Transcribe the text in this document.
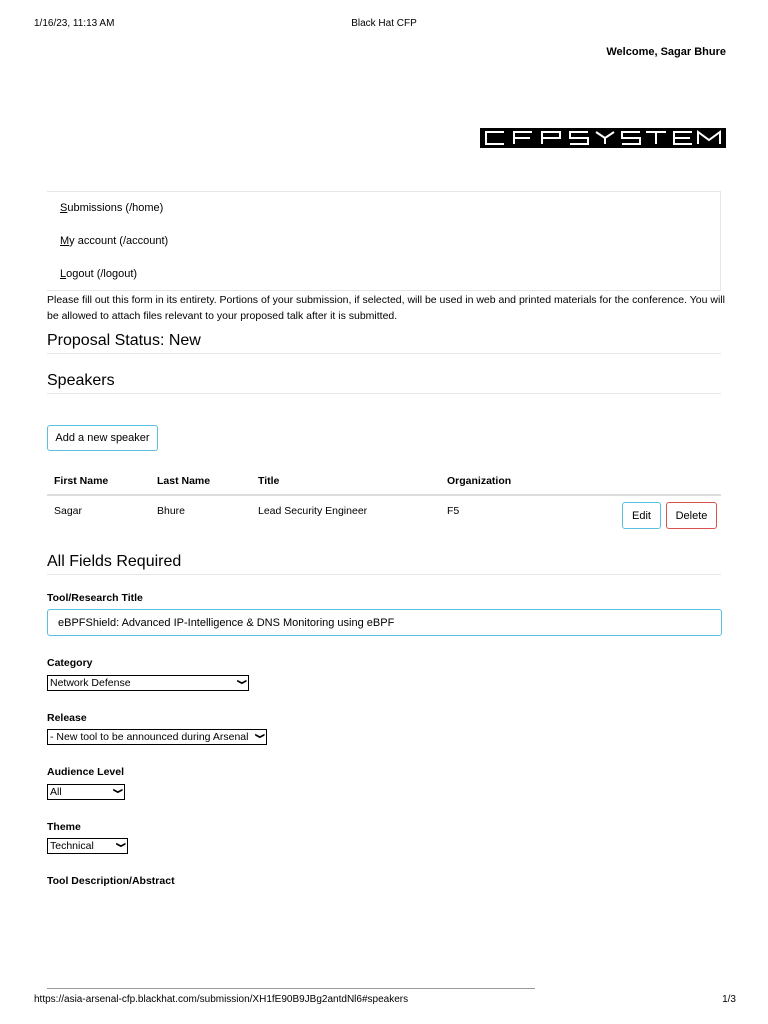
1/16/23, 11:13 AM	Black Hat CFP
Welcome, Sagar Bhure
Submissions (/home)
My account (/account)
Logout (/logout)
Please fill out this form in its entirety. Portions of your submission, if selected, will be used in web and printed materials for the conference. You will be allowed to attach files relevant to your proposed talk after it is submitted.
Proposal Status: New
Speakers
Add a new speaker
First Name	Last Name	Title	Organization
Sagar	Bhure	Lead Security Engineer	F5	Edit	Delete
All Fields Required
Tool/Research Title
eBPFShield: Advanced IP-Intelligence & DNS Monitoring using eBPF
Category
Network Defense	❯
Release
- New tool to be announced during Arsenal ❯
Audience Level
All	❯
Theme
Technical	❯
Tool Description/Abstract
https://asia-arsenal-cfp.blackhat.com/submission/XH1fE90B9JBg2antdNl6#speakers	1/3
